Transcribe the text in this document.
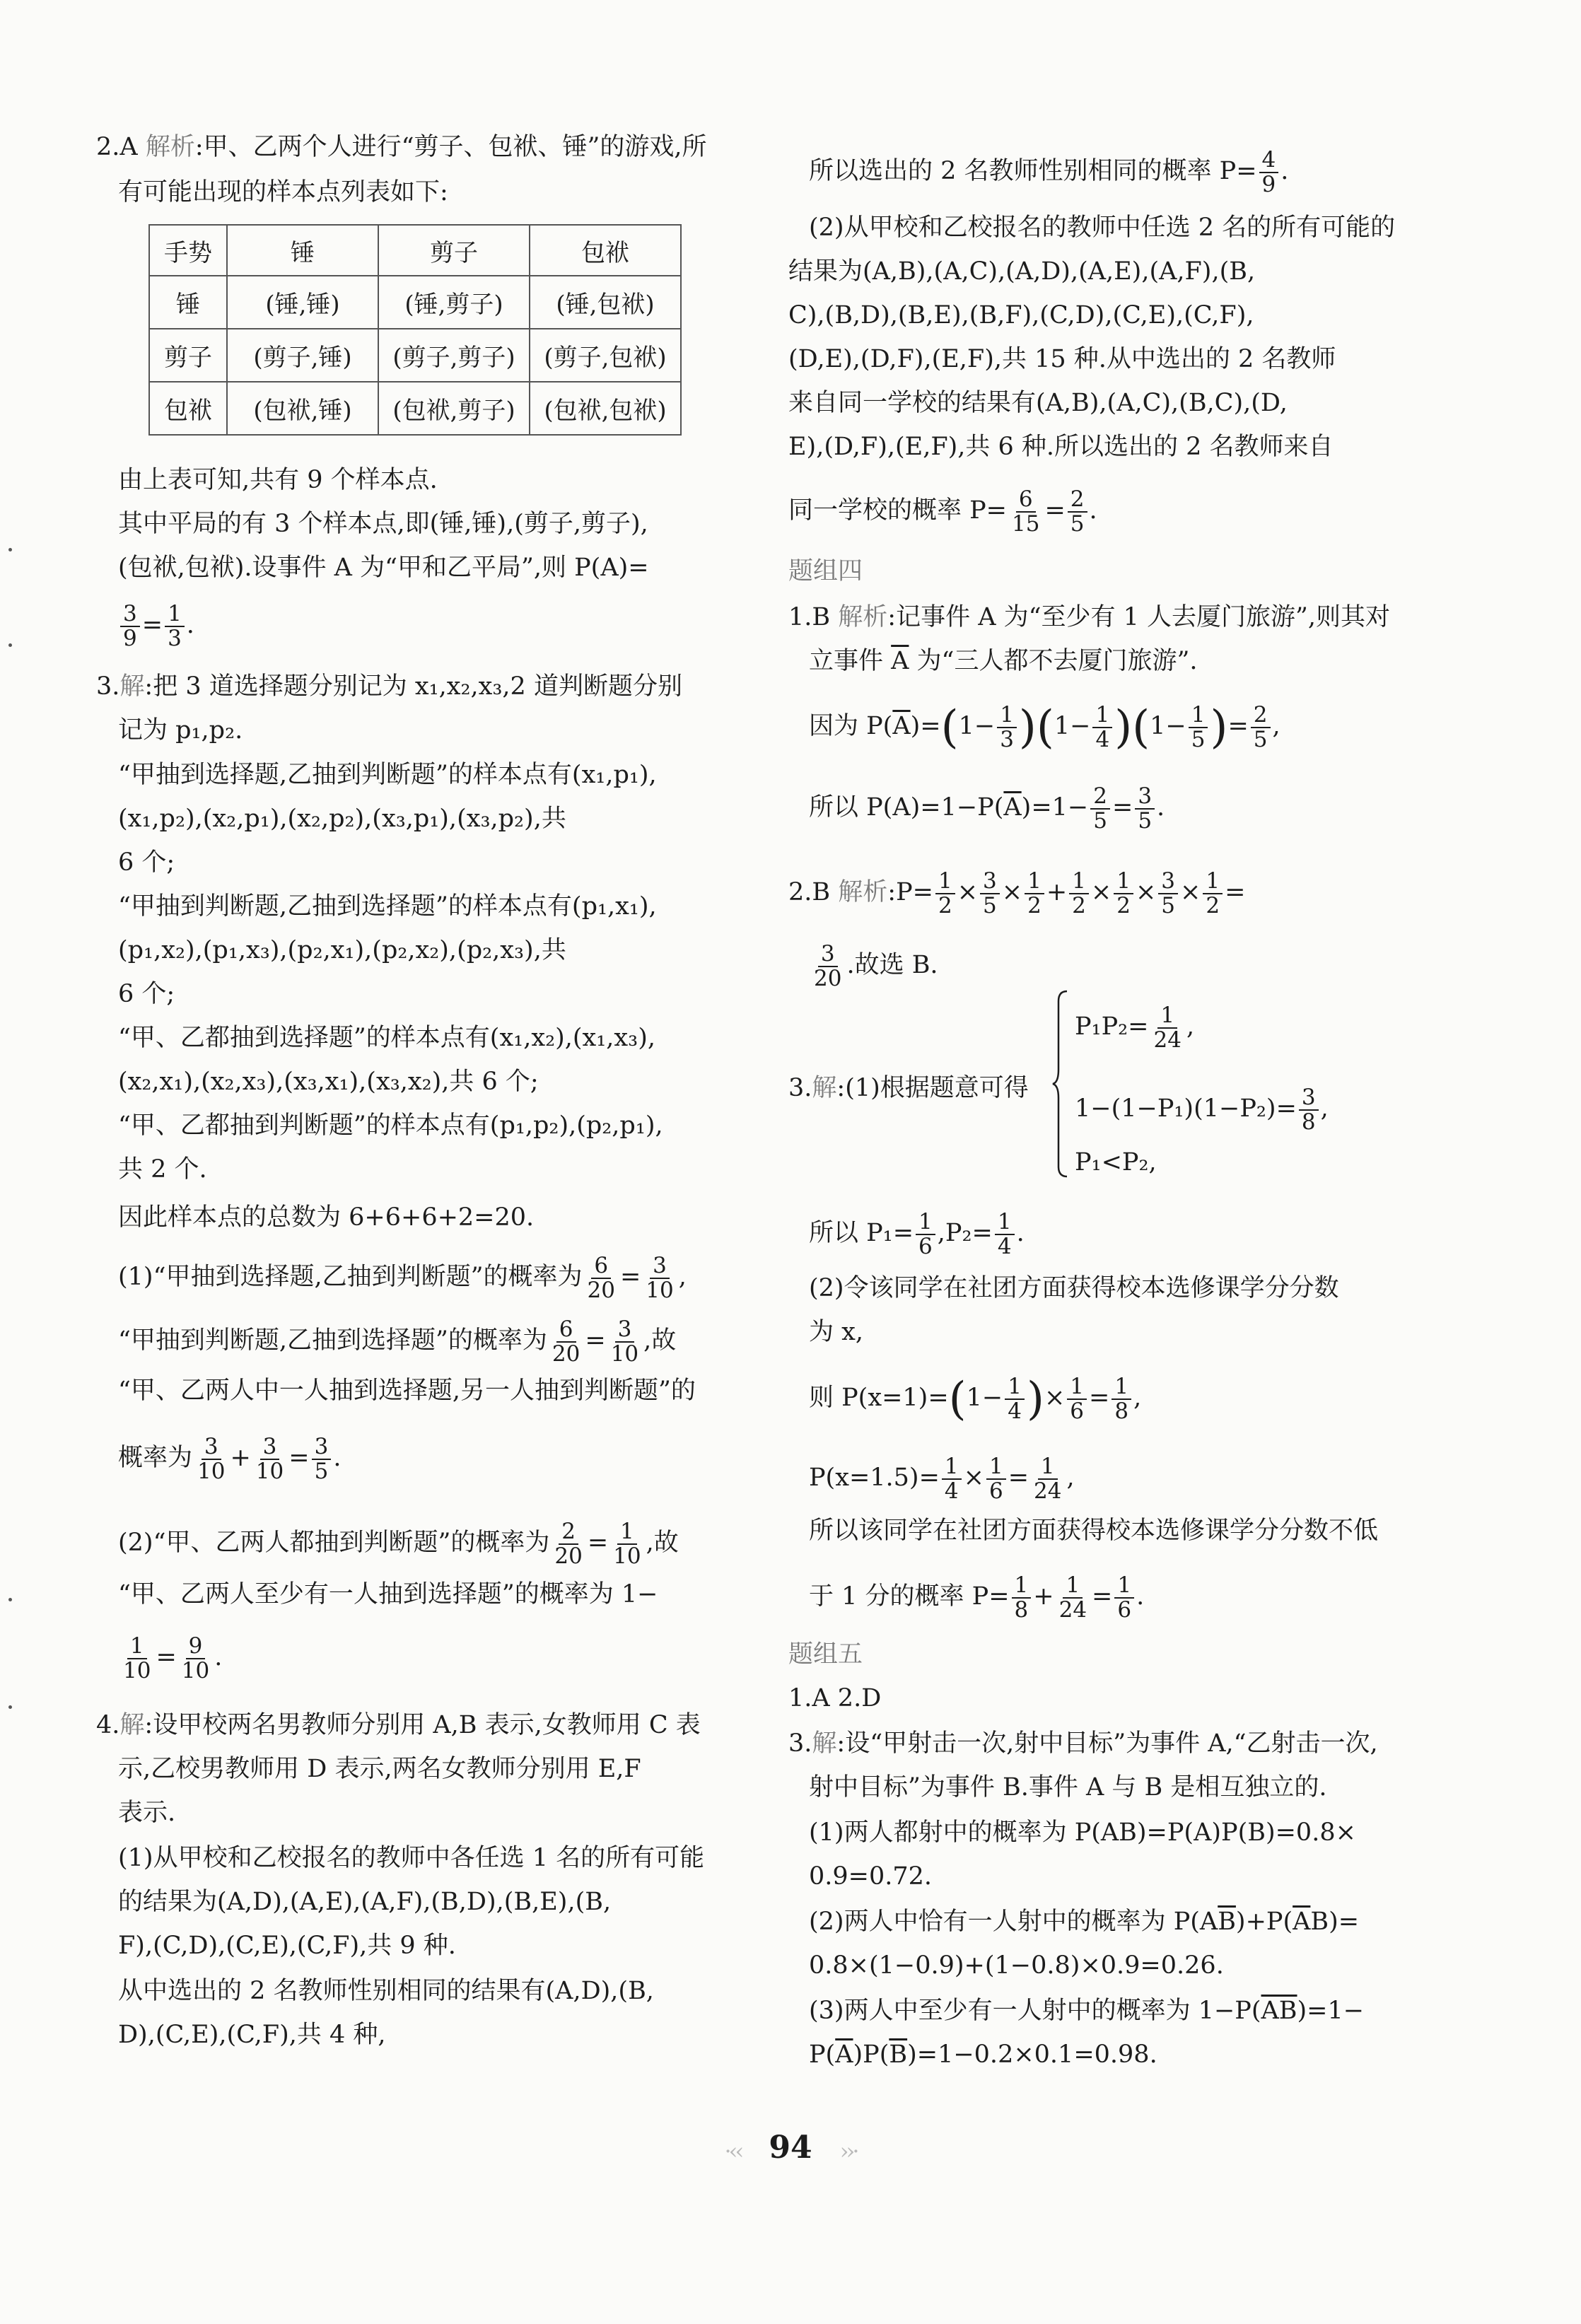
2.A 解析:甲、乙两个人进行“剪子、包袱、锤”的游戏,所
有可能出现的样本点列表如下:
手势	锤	剪子	包袱
锤	(锤,锤)	(锤,剪子)	(锤,包袱)
剪子	(剪子,锤)	(剪子,剪子)	(剪子,包袱)
包袱	(包袱,锤)	(包袱,剪子)	(包袱,包袱)
由上表可知,共有 9 个样本点.
其中平局的有 3 个样本点,即(锤,锤),(剪子,剪子),
(包袱,包袱).设事件 A 为“甲和乙平局”,则 P(A)=
$\frac{3}{9} = \frac{1}{3}$ .
3.解:把 3 道选择题分别记为 x₁,x₂,x₃,2 道判断题分别
记为 p₁,p₂.
“甲抽到选择题,乙抽到判断题”的样本点有(x₁,p₁),
(x₁,p₂),(x₂,p₁),(x₂,p₂),(x₃,p₁),(x₃,p₂),共
6 个;
“甲抽到判断题,乙抽到选择题”的样本点有(p₁,x₁),
(p₁,x₂),(p₁,x₃),(p₂,x₁),(p₂,x₂),(p₂,x₃),共
6 个;
“甲、乙都抽到选择题”的样本点有(x₁,x₂),(x₁,x₃),
(x₂,x₁),(x₂,x₃),(x₃,x₁),(x₃,x₂),共 6 个;
“甲、乙都抽到判断题”的样本点有(p₁,p₂),(p₂,p₁),
共 2 个.
因此样本点的总数为 6+6+6+2=20.
(1)“甲抽到选择题,乙抽到判断题”的概率为 $\frac{6}{20} = \frac{3}{10}$ ,
“甲抽到判断题,乙抽到选择题”的概率为 $\frac{6}{20} = \frac{3}{10}$ ,故
“甲、乙两人中一人抽到选择题,另一人抽到判断题”的
概率为 $\frac{3}{10} + \frac{3}{10} = \frac{3}{5}$ .
(2)“甲、乙两人都抽到判断题”的概率为 $\frac{2}{20} = \frac{1}{10}$ ,故
“甲、乙两人至少有一人抽到选择题”的概率为 1−
$\frac{1}{10} = \frac{9}{10}$ .
4.解:设甲校两名男教师分别用 A,B 表示,女教师用 C 表
示,乙校男教师用 D 表示,两名女教师分别用 E,F
表示.
(1)从甲校和乙校报名的教师中各任选 1 名的所有可能
的结果为(A,D),(A,E),(A,F),(B,D),(B,E),(B,
F),(C,D),(C,E),(C,F),共 9 种.
从中选出的 2 名教师性别相同的结果有(A,D),(B,
D),(C,E),(C,F),共 4 种,
所以选出的 2 名教师性别相同的概率 $P= \frac{4}{9}$ .
(2)从甲校和乙校报名的教师中任选 2 名的所有可能的
结果为(A,B),(A,C),(A,D),(A,E),(A,F),(B,
C),(B,D),(B,E),(B,F),(C,D),(C,E),(C,F),
(D,E),(D,F),(E,F),共 15 种.从中选出的 2 名教师
来自同一学校的结果有(A,B),(A,C),(B,C),(D,
E),(D,F),(E,F),共 6 种.所以选出的 2 名教师来自
同一学校的概率 $P= \frac{6}{15} = \frac{2}{5}$ .
题组四
1.B 解析:记事件 A 为“至少有 1 人去厦门旅游”,则其对
立事件 $\overline{A}$ 为“三人都不去厦门旅游”.
因为 $P(\overline{A})=(1- \frac{1}{3} )(1- \frac{1}{4} )(1- \frac{1}{5}$ )= $\frac{2}{5}$ ,
所以 $P(A)=1-P(\overline{A})=1- \frac{2}{5} = \frac{3}{5}$ .
2.B 解析:P= $\frac{1}{2} \times \frac{3}{5} \times \frac{1}{2} + \frac{1}{2} \times \frac{1}{2} \times \frac{3}{5} \times \frac{1}{2}$ =
$\frac{3}{20}$ .故选 B.
$P_1P_2= \frac{1}{24}$ ,
3.解:(1)根据题意可得
$1-(1-P_1)(1-P_2)= \frac{3}{8}$ ,
P₁<P₂,
所以 $P_1= \frac{1}{6} ,P_2= \frac{1}{4}$ .
(2)令该同学在社团方面获得校本选修课学分分数
为 x,
则 $P(x=1)=(1- \frac{1}{4}$ )× $\frac{1}{6} = \frac{1}{8}$ ,
$P(x=1.5)= \frac{1}{4} \times \frac{1}{6} = \frac{1}{24}$ ,
所以该同学在社团方面获得校本选修课学分分数不低
于 1 分的概率 $P= \frac{1}{8} + \frac{1}{24} = \frac{1}{6}$ .
题组五
1.A 2.D
3.解:设“甲射击一次,射中目标”为事件 A,“乙射击一次,
射中目标”为事件 B.事件 A 与 B 是相互独立的.
(1)两人都射中的概率为 P(AB)=P(A)P(B)=0.8×
0.9=0.72.
(2)两人中恰有一人射中的概率为 $P(A\overline{B})+P(\overline{A}B)=$
0.8×(1−0.9)+(1−0.8)×0.9=0.26.
(3)两人中至少有一人射中的概率为 $1-P(\overline{AB})=1-$
$P(\overline{A})P(\overline{B})=1-0.2\times 0.1=0.98$.
·‹‹ 94 ››·
